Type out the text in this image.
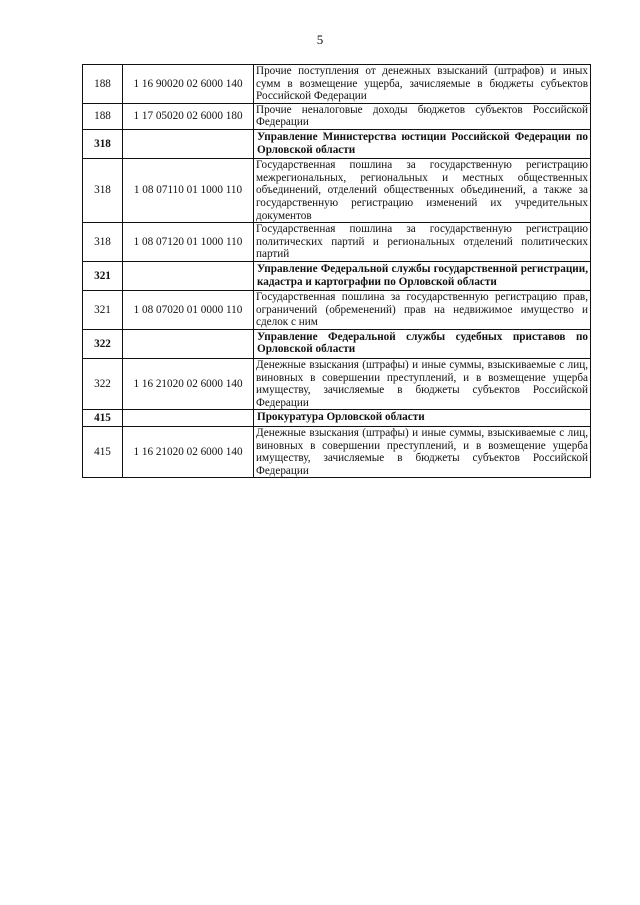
5
188	1 16 90020 02 6000 140	Прочие поступления от денежных взысканий (штрафов) и иных сумм в возмещение ущерба, зачисляемые в бюджеты субъектов Российской Федерации
188	1 17 05020 02 6000 180	Прочие неналоговые доходы бюджетов субъектов Российской Федерации
318		Управление Министерства юстиции Российской Федерации по Орловской области
318	1 08 07110 01 1000 110	Государственная пошлина за государственную регистрацию межрегиональных, региональных и местных общественных объединений, отделений общественных объединений, а также за государственную регистрацию изменений их учредительных документов
318	1 08 07120 01 1000 110	Государственная пошлина за государственную регистрацию политических партий и региональных отделений политических партий
321		Управление Федеральной службы государственной регистрации, кадастра и картографии по Орловской области
321	1 08 07020 01 0000 110	Государственная пошлина за государственную регистрацию прав, ограничений (обременений) прав на недвижимое имущество и сделок с ним
322		Управление Федеральной службы судебных приставов по Орловской области
322	1 16 21020 02 6000 140	Денежные взыскания (штрафы) и иные суммы, взыскиваемые с лиц, виновных в совершении преступлений, и в возмещение ущерба имуществу, зачисляемые в бюджеты субъектов Российской Федерации
415		Прокуратура Орловской области
415	1 16 21020 02 6000 140	Денежные взыскания (штрафы) и иные суммы, взыскиваемые с лиц, виновных в совершении преступлений, и в возмещение ущерба имуществу, зачисляемые в бюджеты субъектов Российской Федерации
